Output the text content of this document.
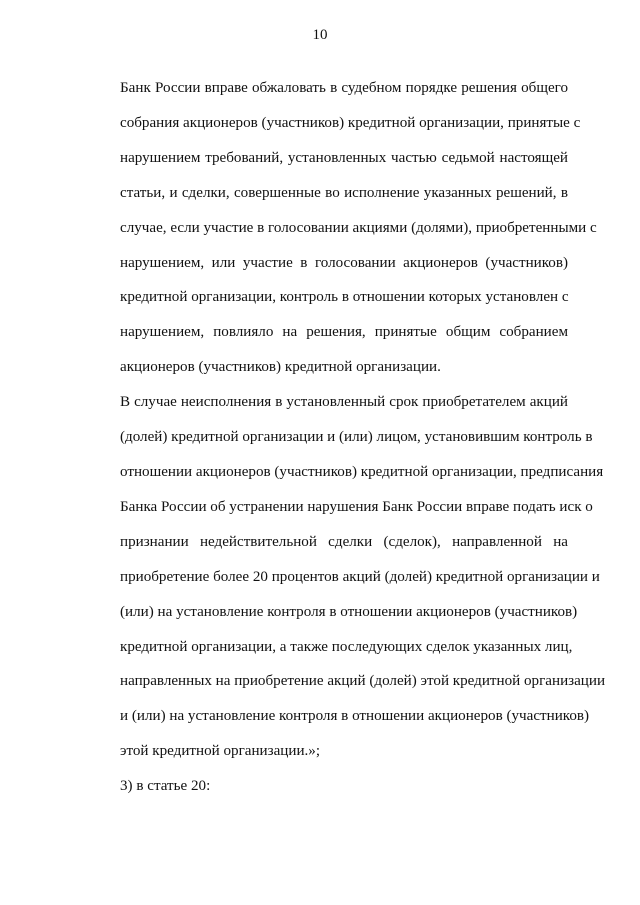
10
Банк России вправе обжаловать в судебном порядке решения общего
собрания акционеров (участников) кредитной организации, принятые с
нарушением требований, установленных частью седьмой настоящей
статьи, и сделки, совершенные во исполнение указанных решений, в
случае, если участие в голосовании акциями (долями), приобретенными с
нарушением, или участие в голосовании акционеров (участников)
кредитной организации, контроль в отношении которых установлен с
нарушением, повлияло на решения, принятые общим собранием
акционеров (участников) кредитной организации.
В случае неисполнения в установленный срок приобретателем акций
(долей) кредитной организации и (или) лицом, установившим контроль в
отношении акционеров (участников) кредитной организации, предписания
Банка России об устранении нарушения Банк России вправе подать иск о
признании недействительной сделки (сделок), направленной на
приобретение более 20 процентов акций (долей) кредитной организации и
(или) на установление контроля в отношении акционеров (участников)
кредитной организации, а также последующих сделок указанных лиц,
направленных на приобретение акций (долей) этой кредитной организации
и (или) на установление контроля в отношении акционеров (участников)
этой кредитной организации.»;
3) в статье 20:
